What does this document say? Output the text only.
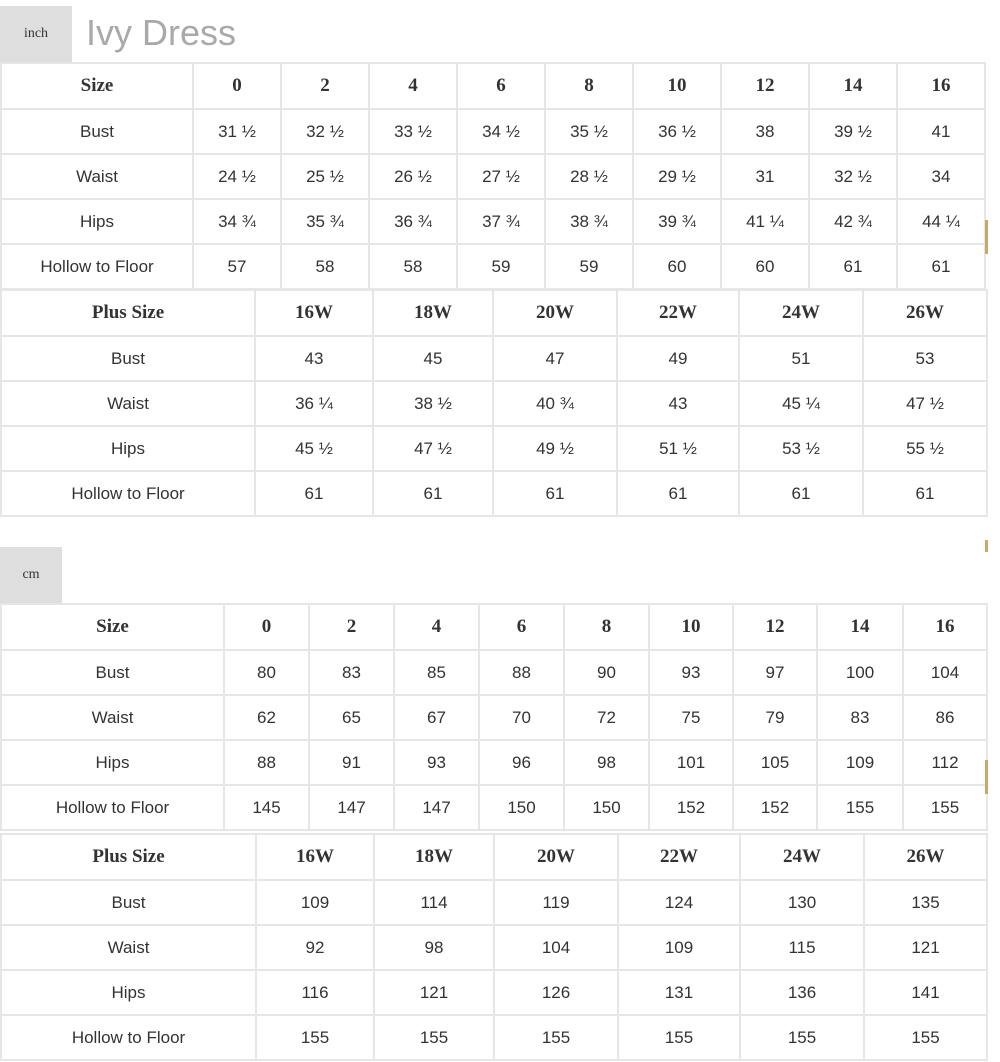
inch	Ivy Dress
Size	0	2	4	6	8	10	12	14	16
Bust	31 ½	32 ½	33 ½	34 ½	35 ½	36 ½	38	39 ½	41
Waist	24 ½	25 ½	26 ½	27 ½	28 ½	29 ½	31	32 ½	34
Hips	34 ¾	35 ¾	36 ¾	37 ¾	38 ¾	39 ¾	41 ¼	42 ¾	44 ¼
Hollow to Floor	57	58	58	59	59	60	60	61	61
Plus Size	16W	18W	20W	22W	24W	26W
Bust	43	45	47	49	51	53
Waist	36 ¼	38 ½	40 ¾	43	45 ¼	47 ½
Hips	45 ½	47 ½	49 ½	51 ½	53 ½	55 ½
Hollow to Floor	61	61	61	61	61	61
cm
Size	0	2	4	6	8	10	12	14	16
Bust	80	83	85	88	90	93	97	100	104
Waist	62	65	67	70	72	75	79	83	86
Hips	88	91	93	96	98	101	105	109	112
Hollow to Floor	145	147	147	150	150	152	152	155	155
Plus Size	16W	18W	20W	22W	24W	26W
Bust	109	114	119	124	130	135
Waist	92	98	104	109	115	121
Hips	116	121	126	131	136	141
Hollow to Floor	155	155	155	155	155	155
